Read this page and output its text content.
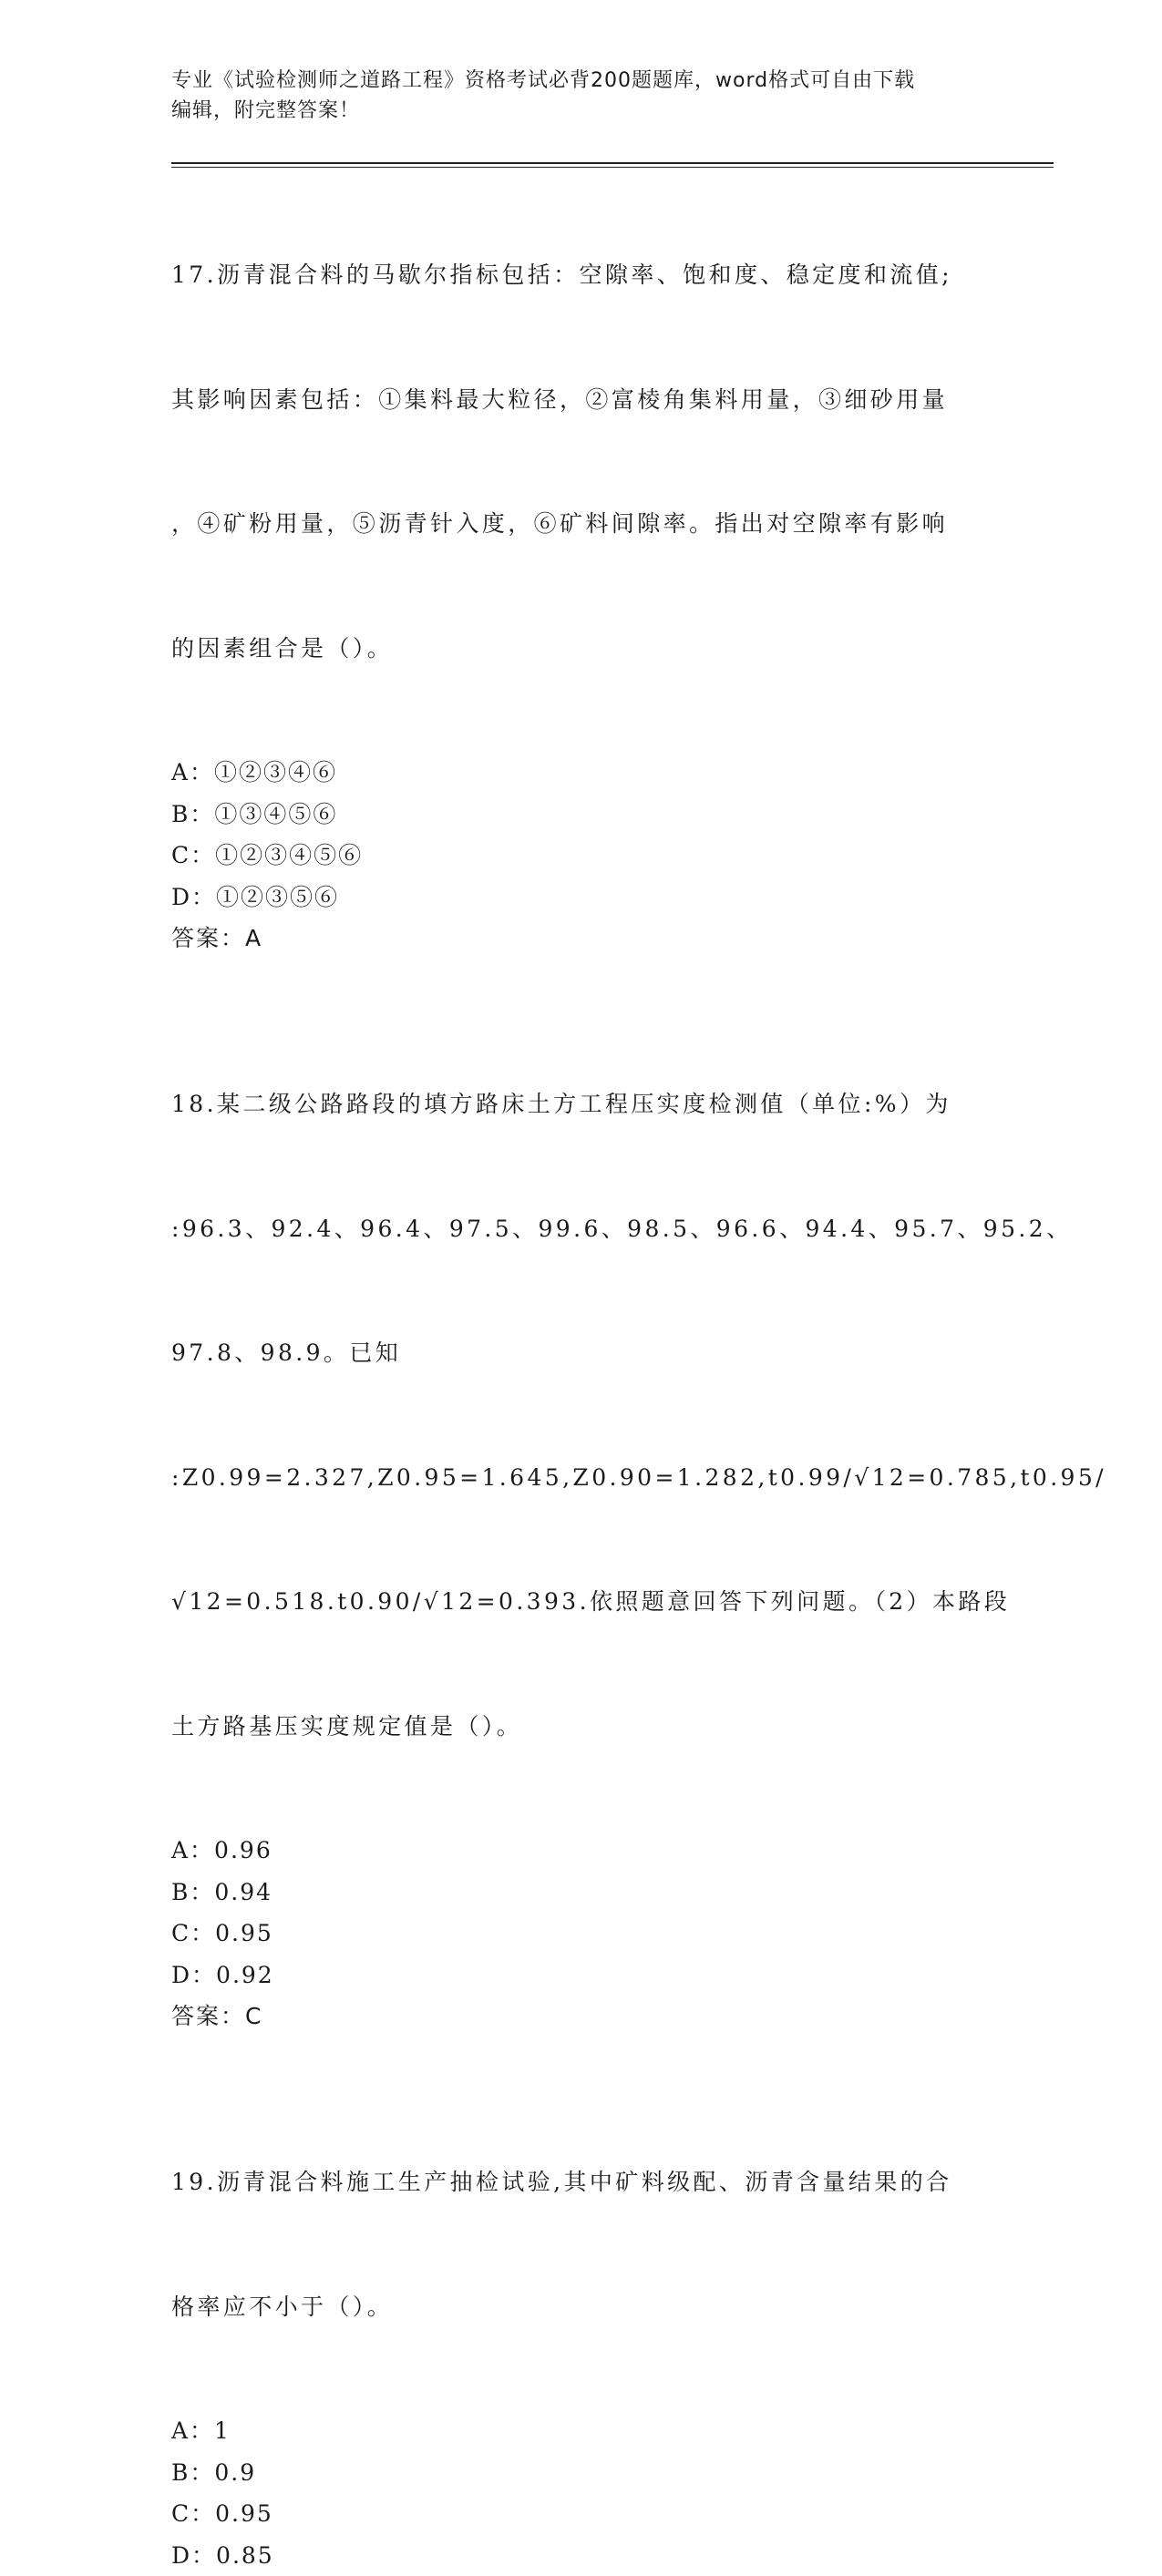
专业《试验检测师之道路工程》资格考试必背200题题库，word格式可自由下载
编辑，附完整答案！

17.沥青混合料的马歇尔指标包括：空隙率、饱和度、稳定度和流值;

其影响因素包括：①集料最大粒径，②富棱角集料用量，③细砂用量

，④矿粉用量，⑤沥青针入度，⑥矿料间隙率。指出对空隙率有影响

的因素组合是（）。

A：①②③④⑥
B：①③④⑤⑥
C：①②③④⑤⑥
D：①②③⑤⑥
答案：A

18.某二级公路路段的填方路床土方工程压实度检测值（单位:%）为

:96.3、92.4、96.4、97.5、99.6、98.5、96.6、94.4、95.7、95.2、

97.8、98.9。已知

:Z0.99=2.327,Z0.95=1.645,Z0.90=1.282,t0.99/√12=0.785,t0.95/

√12=0.518.t0.90/√12=0.393.依照题意回答下列问题。（2）本路段

土方路基压实度规定值是（）。

A：0.96
B：0.94
C：0.95
D：0.92
答案：C

19.沥青混合料施工生产抽检试验,其中矿料级配、沥青含量结果的合

格率应不小于（）。

A：1
B：0.9
C：0.95
D：0.85
